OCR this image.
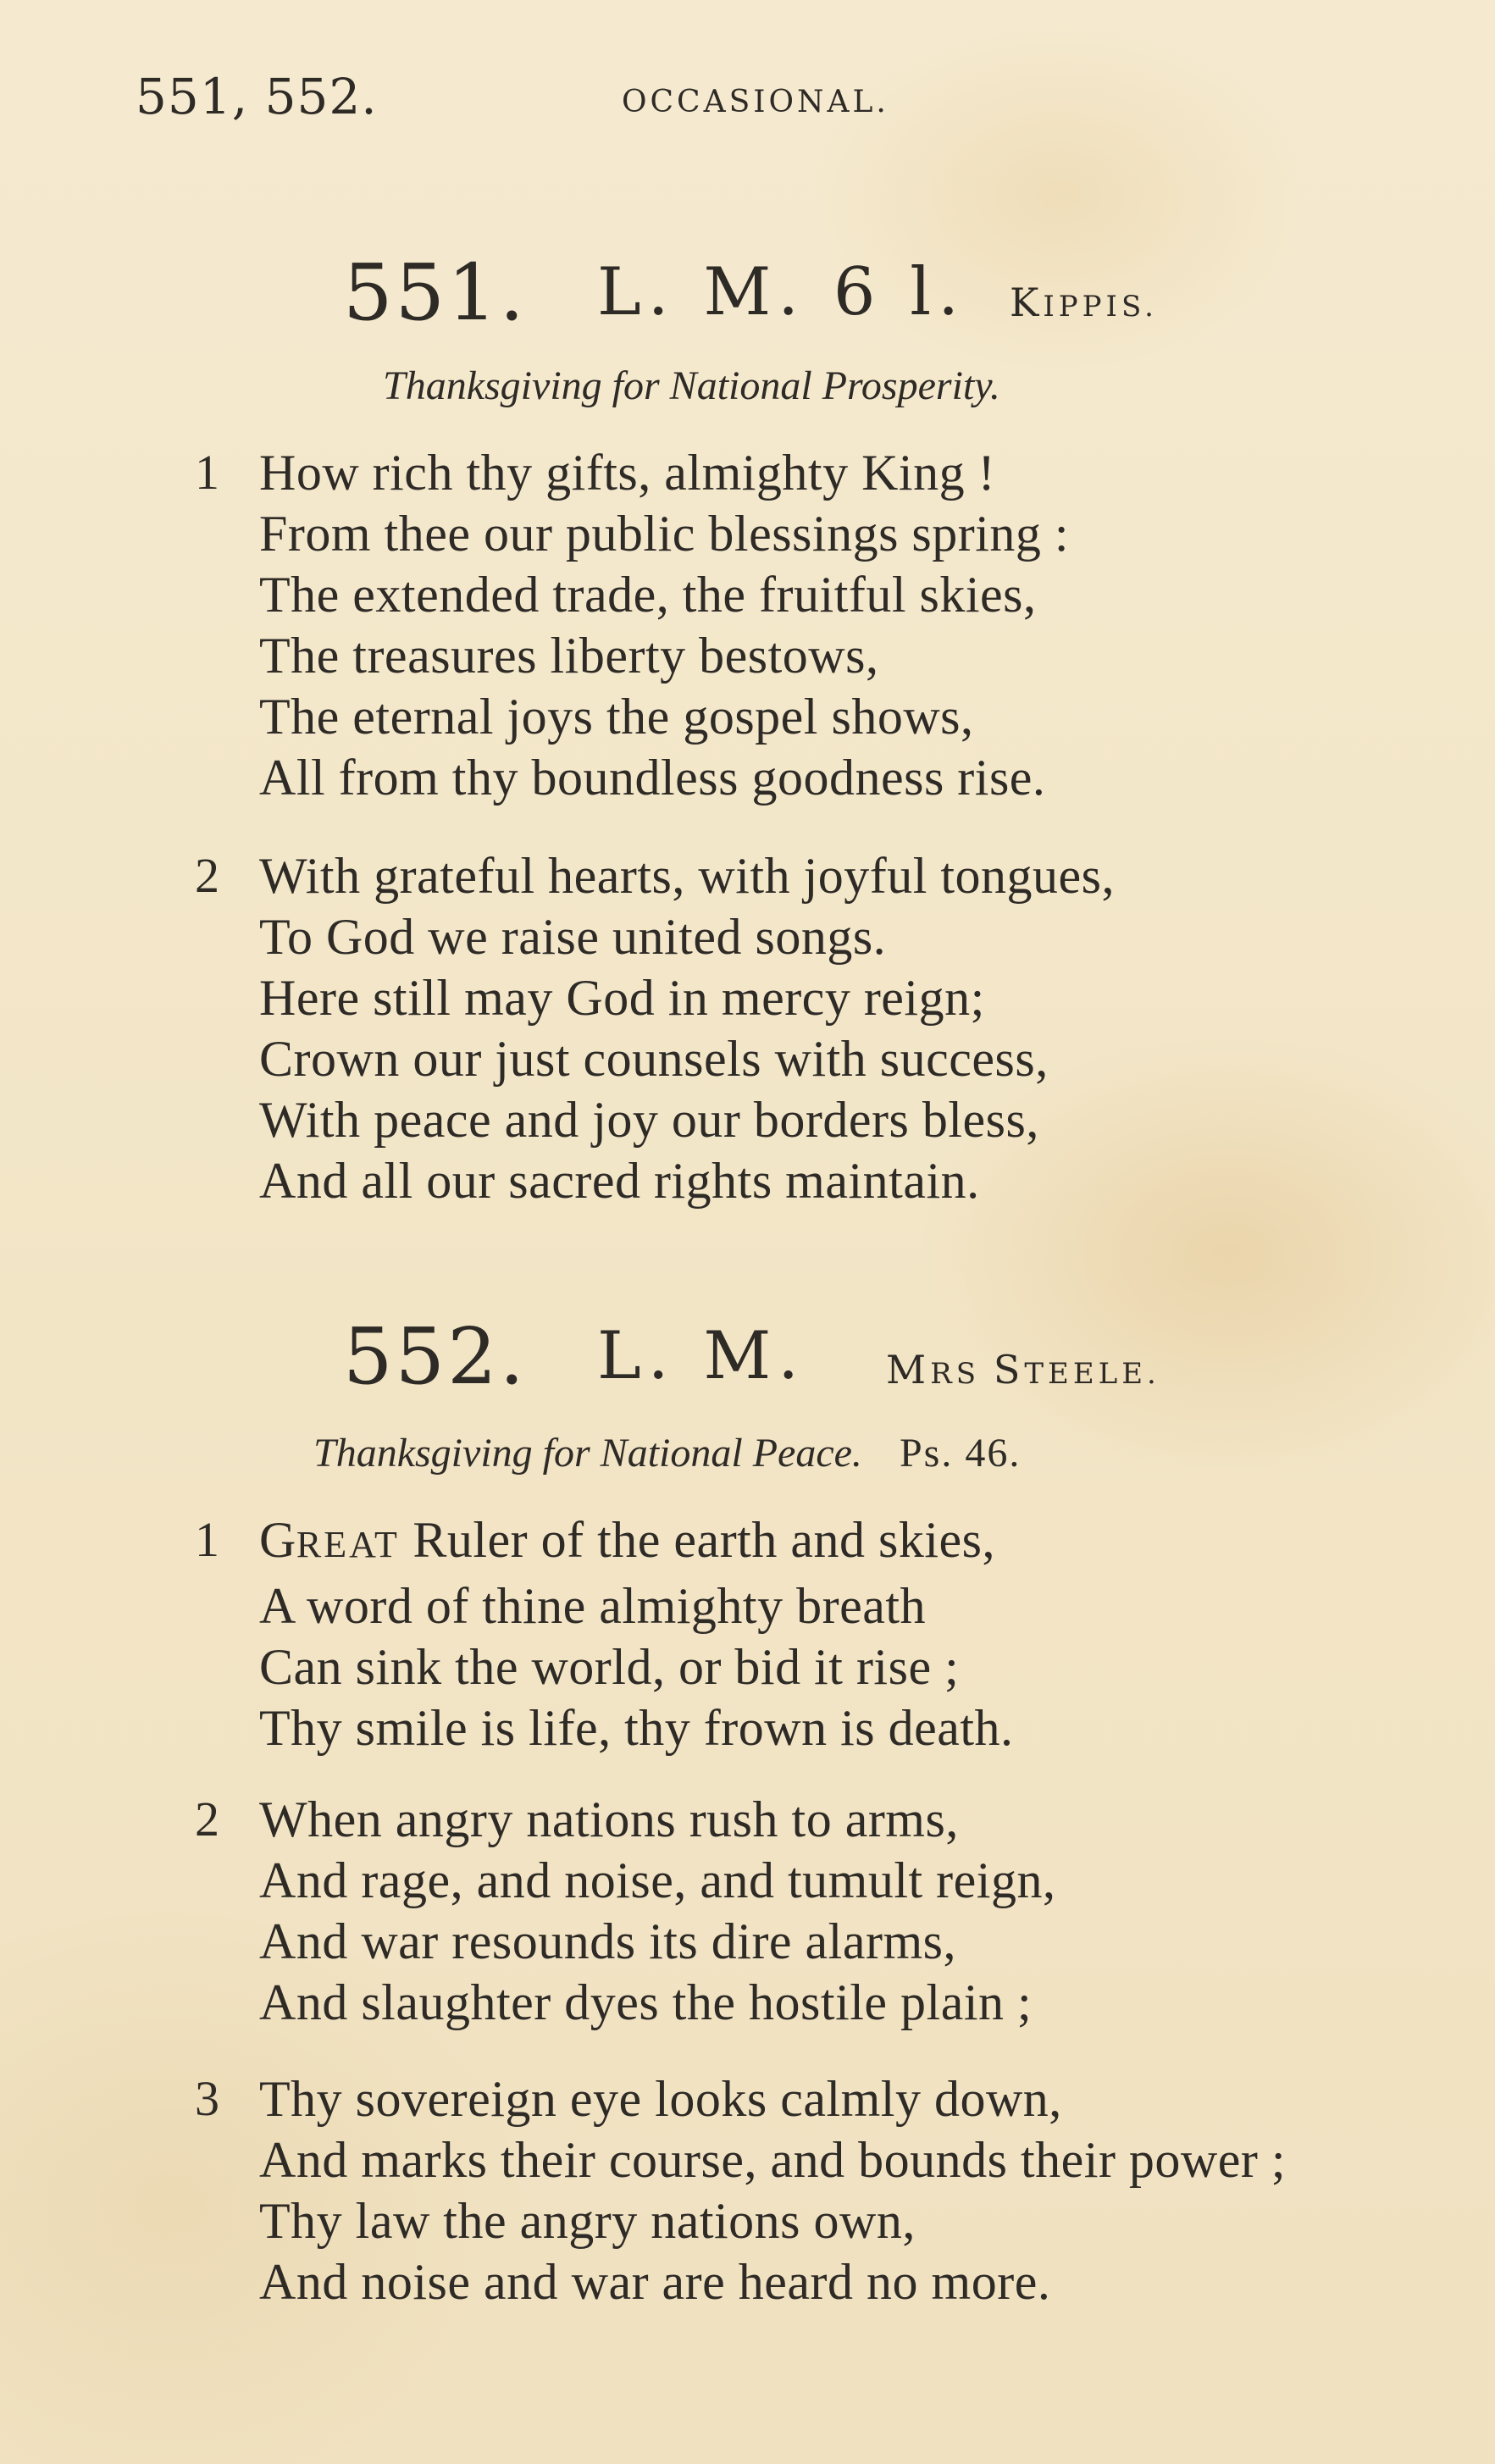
551, 552.	OCCASIONAL.
551. L. M. 6 l. KIPPIS.
Thanksgiving for National Prosperity.
1 How rich thy gifts, almighty King !
From thee our public blessings spring :
The extended trade, the fruitful skies,
The treasures liberty bestows,
The eternal joys the gospel shows,
All from thy boundless goodness rise.
2 With grateful hearts, with joyful tongues,
To God we raise united songs.
Here still may God in mercy reign;
Crown our just counsels with success,
With peace and joy our borders bless,
And all our sacred rights maintain.
552. L. M. MRS STEELE.
Thanksgiving for National Peace. Ps. 46.
1 GREAT Ruler of the earth and skies,
A word of thine almighty breath
Can sink the world, or bid it rise ;
Thy smile is life, thy frown is death.
2 When angry nations rush to arms,
And rage, and noise, and tumult reign,
And war resounds its dire alarms,
And slaughter dyes the hostile plain ;
3 Thy sovereign eye looks calmly down,
And marks their course, and bounds their power ;
Thy law the angry nations own,
And noise and war are heard no more.
